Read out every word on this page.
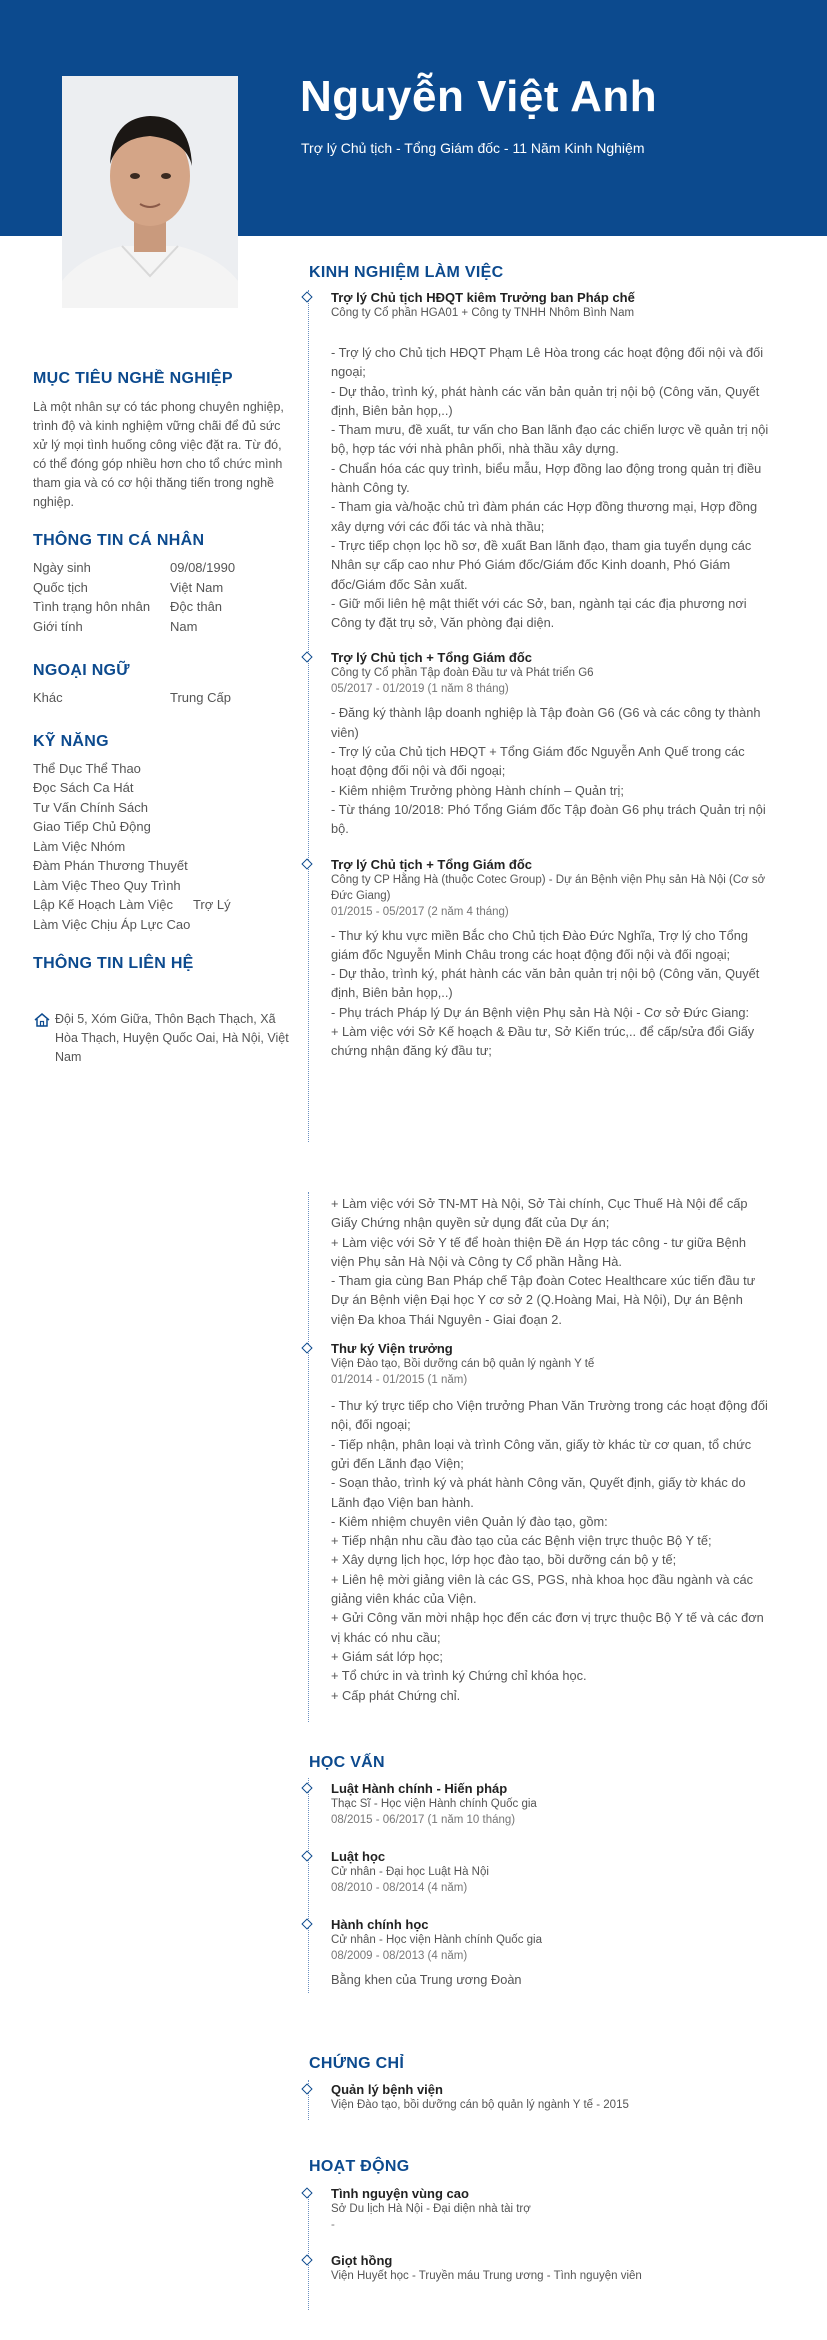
Nguyễn Việt Anh
Trợ lý Chủ tịch - Tổng Giám đốc - 11 Năm Kinh Nghiệm
MỤC TIÊU NGHỀ NGHIỆP
Là một nhân sự có tác phong chuyên nghiệp, trình độ và kinh nghiệm vững chãi để đủ sức xử lý mọi tình huống công việc đặt ra. Từ đó, có thể đóng góp nhiều hơn cho tổ chức mình tham gia và có cơ hội thăng tiến trong nghề nghiệp.
THÔNG TIN CÁ NHÂN
Ngày sinh	09/08/1990
Quốc tịch	Việt Nam
Tình trạng hôn nhân	Độc thân
Giới tính	Nam
NGOẠI NGỮ
Khác	Trung Cấp
KỸ NĂNG
Thể Dục Thể Thao
Đọc Sách Ca Hát
Tư Vấn Chính Sách
Giao Tiếp Chủ Động
Làm Việc Nhóm
Đàm Phán Thương Thuyết
Làm Việc Theo Quy Trình
Lập Kế Hoạch Làm Việc Trợ Lý
Làm Việc Chịu Áp Lực Cao
THÔNG TIN LIÊN HỆ
Đội 5, Xóm Giữa, Thôn Bạch Thạch, Xã Hòa Thạch, Huyện Quốc Oai, Hà Nội, Việt Nam
KINH NGHIỆM LÀM VIỆC
Trợ lý Chủ tịch HĐQT kiêm Trưởng ban Pháp chế
Công ty Cổ phần HGA01 + Công ty TNHH Nhôm Bình Nam
- Trợ lý cho Chủ tịch HĐQT Phạm Lê Hòa trong các hoạt động đối nội và đối ngoại;
- Dự thảo, trình ký, phát hành các văn bản quản trị nội bộ (Công văn, Quyết định, Biên bản họp,..)
- Tham mưu, đề xuất, tư vấn cho Ban lãnh đạo các chiến lược về quản trị nội bộ, hợp tác với nhà phân phối, nhà thầu xây dựng.
- Chuẩn hóa các quy trình, biểu mẫu, Hợp đồng lao động trong quản trị điều hành Công ty.
- Tham gia và/hoặc chủ trì đàm phán các Hợp đồng thương mại, Hợp đồng xây dựng với các đối tác và nhà thầu;
- Trực tiếp chọn lọc hồ sơ, đề xuất Ban lãnh đạo, tham gia tuyển dụng các Nhân sự cấp cao như Phó Giám đốc/Giám đốc Kinh doanh, Phó Giám đốc/Giám đốc Sản xuất.
- Giữ mối liên hệ mật thiết với các Sở, ban, ngành tại các địa phương nơi Công ty đặt trụ sở, Văn phòng đại diện.
Trợ lý Chủ tịch + Tổng Giám đốc
Công ty Cổ phần Tập đoàn Đầu tư và Phát triển G6
05/2017 - 01/2019 (1 năm 8 tháng)
- Đăng ký thành lập doanh nghiệp là Tập đoàn G6 (G6 và các công ty thành viên)
- Trợ lý của Chủ tịch HĐQT + Tổng Giám đốc Nguyễn Anh Quế trong các hoạt động đối nội và đối ngoại;
- Kiêm nhiệm Trưởng phòng Hành chính – Quản trị;
- Từ tháng 10/2018: Phó Tổng Giám đốc Tập đoàn G6 phụ trách Quản trị nội bộ.
Trợ lý Chủ tịch + Tổng Giám đốc
Công ty CP Hằng Hà (thuộc Cotec Group) - Dự án Bệnh viện Phụ sản Hà Nội (Cơ sở Đức Giang)
01/2015 - 05/2017 (2 năm 4 tháng)
- Thư ký khu vực miền Bắc cho Chủ tịch Đào Đức Nghĩa, Trợ lý cho Tổng giám đốc Nguyễn Minh Châu trong các hoạt động đối nội và đối ngoại;
- Dự thảo, trình ký, phát hành các văn bản quản trị nội bộ (Công văn, Quyết định, Biên bản họp,..)
- Phụ trách Pháp lý Dự án Bệnh viện Phụ sản Hà Nội - Cơ sở Đức Giang:
+ Làm việc với Sở Kế hoạch & Đầu tư, Sở Kiến trúc,.. để cấp/sửa đổi Giấy chứng nhận đăng ký đầu tư;
+ Làm việc với Sở TN-MT Hà Nội, Sở Tài chính, Cục Thuế Hà Nội để cấp Giấy Chứng nhận quyền sử dụng đất của Dự án;
+ Làm việc với Sở Y tế để hoàn thiện Đề án Hợp tác công - tư giữa Bệnh viện Phụ sản Hà Nội và Công ty Cổ phần Hằng Hà.
- Tham gia cùng Ban Pháp chế Tập đoàn Cotec Healthcare xúc tiến đầu tư Dự án Bệnh viện Đại học Y cơ sở 2 (Q.Hoàng Mai, Hà Nội), Dự án Bệnh viện Đa khoa Thái Nguyên - Giai đoạn 2.
Thư ký Viện trưởng
Viện Đào tạo, Bồi dưỡng cán bộ quản lý ngành Y tế
01/2014 - 01/2015 (1 năm)
- Thư ký trực tiếp cho Viện trưởng Phan Văn Trường trong các hoạt động đối nội, đối ngoại;
- Tiếp nhận, phân loại và trình Công văn, giấy tờ khác từ cơ quan, tổ chức gửi đến Lãnh đạo Viện;
- Soạn thảo, trình ký và phát hành Công văn, Quyết định, giấy tờ khác do Lãnh đạo Viện ban hành.
- Kiêm nhiệm chuyên viên Quản lý đào tạo, gồm:
+ Tiếp nhận nhu cầu đào tạo của các Bệnh viện trực thuộc Bộ Y tế;
+ Xây dựng lịch học, lớp học đào tạo, bồi dưỡng cán bộ y tế;
+ Liên hệ mời giảng viên là các GS, PGS, nhà khoa học đầu ngành và các giảng viên khác của Viện.
+ Gửi Công văn mời nhập học đến các đơn vị trực thuộc Bộ Y tế và các đơn vị khác có nhu cầu;
+ Giám sát lớp học;
+ Tổ chức in và trình ký Chứng chỉ khóa học.
+ Cấp phát Chứng chỉ.
HỌC VẤN
Luật Hành chính - Hiến pháp
Thạc Sĩ - Học viện Hành chính Quốc gia
08/2015 - 06/2017 (1 năm 10 tháng)
Luật học
Cử nhân - Đại học Luật Hà Nội
08/2010 - 08/2014 (4 năm)
Hành chính học
Cử nhân - Học viện Hành chính Quốc gia
08/2009 - 08/2013 (4 năm)
Bằng khen của Trung ương Đoàn
CHỨNG CHỈ
Quản lý bệnh viện
Viện Đào tạo, bồi dưỡng cán bộ quản lý ngành Y tế - 2015
HOẠT ĐỘNG
Tình nguyện vùng cao
Sở Du lịch Hà Nội - Đại diện nhà tài trợ
-
Giọt hồng
Viện Huyết học - Truyền máu Trung ương - Tình nguyện viên
